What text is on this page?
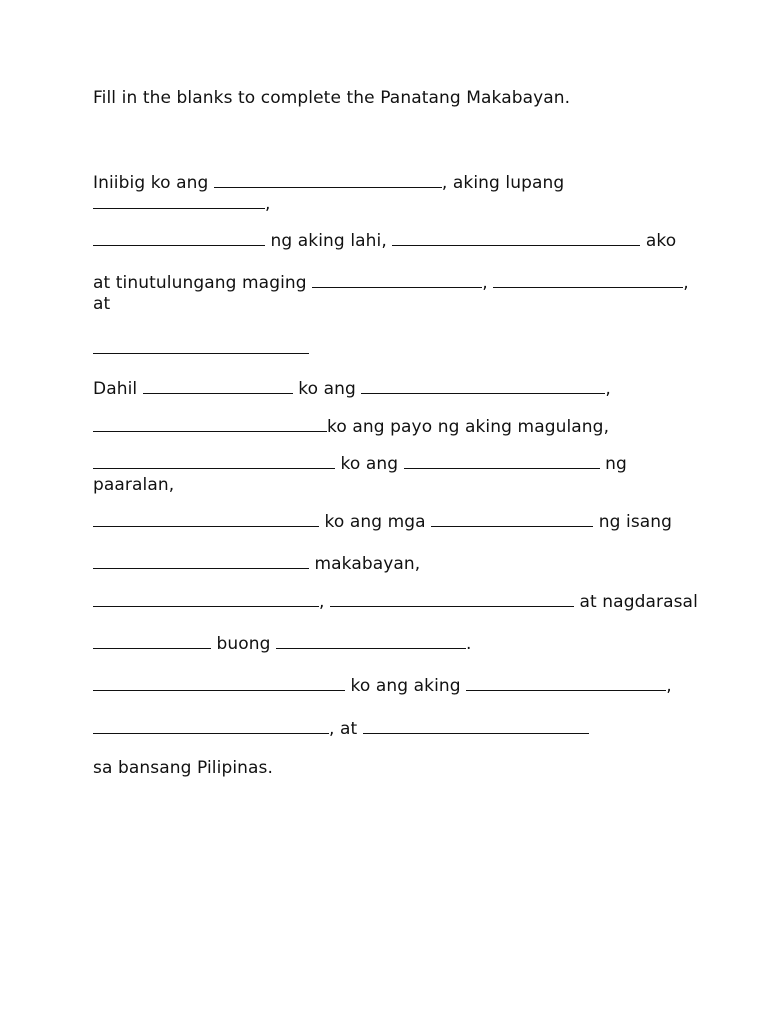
Fill in the blanks to complete the Panatang Makabayan.
Iniibig ko ang	, aking lupang
,
ng aking lahi,	ako
at tinutulungang maging	,	,
at
Dahil	ko ang	,
ko ang payo ng aking magulang,
ko ang	ng
paaralan,
ko ang mga	ng isang
makabayan,
,	at nagdarasal
buong	.
ko ang aking	,
, at
sa bansang Pilipinas.
